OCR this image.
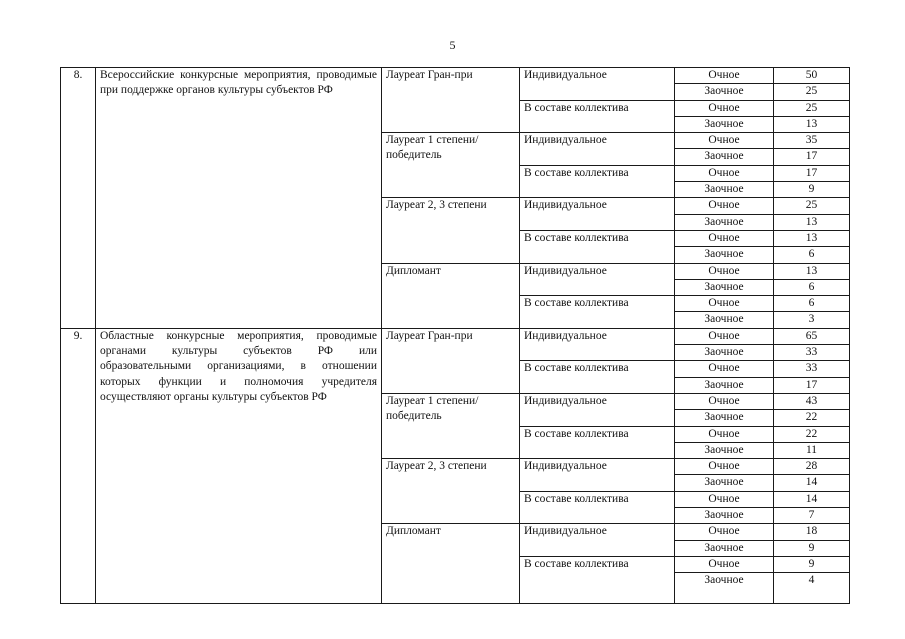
5
8.	Всероссийские конкурсные мероприятия, проводимые при поддержке органов культуры субъектов РФ	Лауреат Гран-при	Индивидуальное	Очное	50
				Заочное	25
			В составе коллектива	Очное	25
				Заочное	13
		Лауреат 1 степени/ победитель	Индивидуальное	Очное	35
				Заочное	17
			В составе коллектива	Очное	17
				Заочное	9
		Лауреат 2, 3 степени	Индивидуальное	Очное	25
				Заочное	13
			В составе коллектива	Очное	13
				Заочное	6
		Дипломант	Индивидуальное	Очное	13
				Заочное	6
			В составе коллектива	Очное	6
				Заочное	3
9.	Областные конкурсные мероприятия, проводимые органами культуры субъектов РФ или образовательными организациями, в отношении которых функции и полномочия учредителя осуществляют органы культуры субъектов РФ	Лауреат Гран-при	Индивидуальное	Очное	65
				Заочное	33
			В составе коллектива	Очное	33
				Заочное	17
		Лауреат 1 степени/ победитель	Индивидуальное	Очное	43
				Заочное	22
			В составе коллектива	Очное	22
				Заочное	11
		Лауреат 2, 3 степени	Индивидуальное	Очное	28
				Заочное	14
			В составе коллектива	Очное	14
				Заочное	7
		Дипломант	Индивидуальное	Очное	18
				Заочное	9
			В составе коллектива	Очное	9
				Заочное	4
